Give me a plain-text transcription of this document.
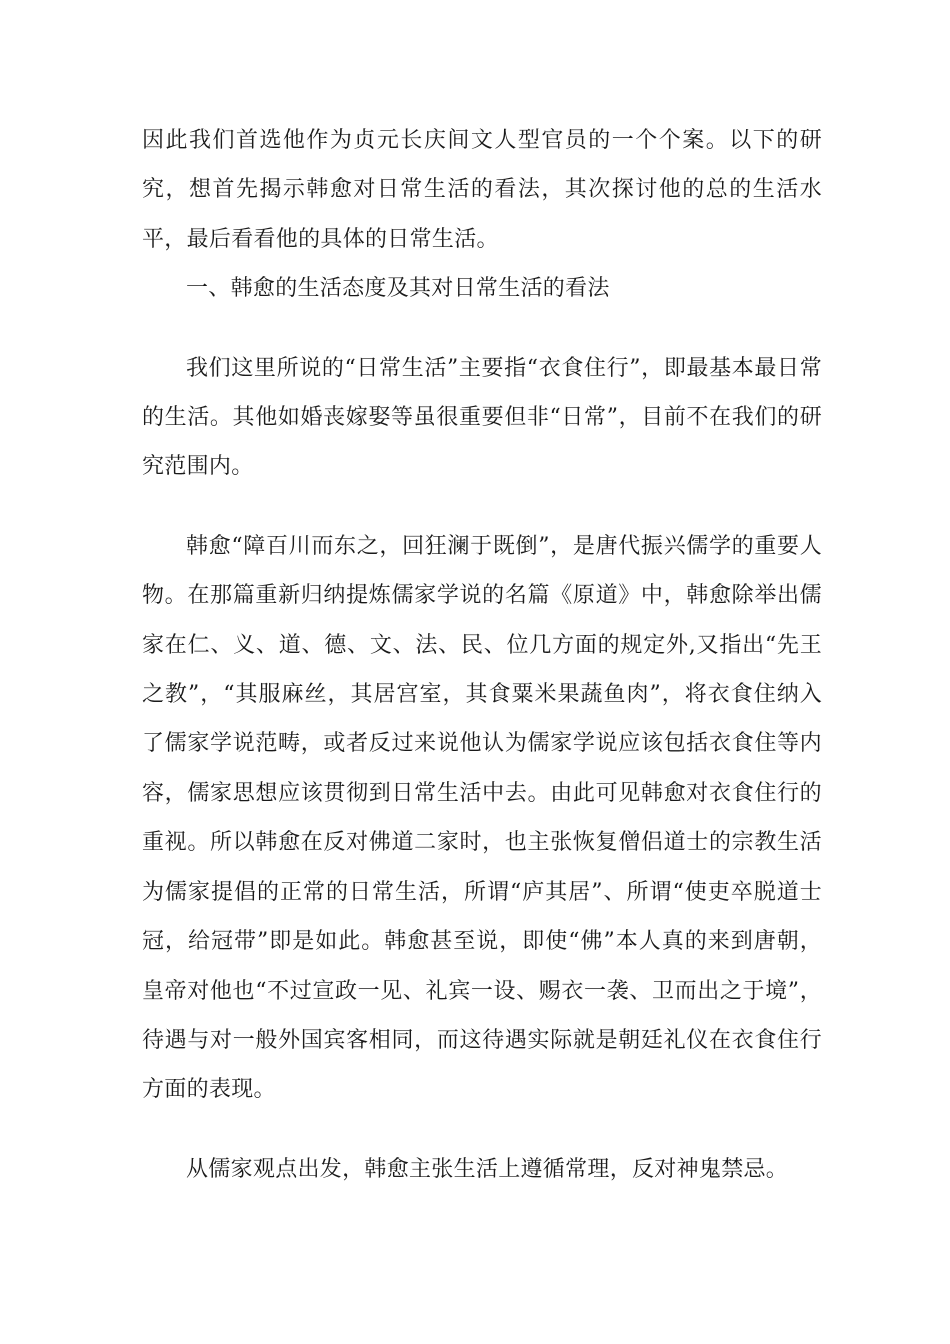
因此我们首选他作为贞元长庆间文人型官员的一个个案。以下的研究，想首先揭示韩愈对日常生活的看法，其次探讨他的总的生活水平，最后看看他的具体的日常生活。

一、韩愈的生活态度及其对日常生活的看法

我们这里所说的“日常生活”主要指“衣食住行”，即最基本最日常的生活。其他如婚丧嫁娶等虽很重要但非“日常”，目前不在我们的研究范围内。

韩愈“障百川而东之，回狂澜于既倒”，是唐代振兴儒学的重要人物。在那篇重新归纳提炼儒家学说的名篇《原道》中，韩愈除举出儒家在仁、义、道、德、文、法、民、位几方面的规定外,又指出“先王之教”，“其服麻丝，其居宫室，其食粟米果蔬鱼肉”，将衣食住纳入了儒家学说范畴，或者反过来说他认为儒家学说应该包括衣食住等内容，儒家思想应该贯彻到日常生活中去。由此可见韩愈对衣食住行的重视。所以韩愈在反对佛道二家时，也主张恢复僧侣道士的宗教生活为儒家提倡的正常的日常生活，所谓“庐其居”、所谓“使吏卒脱道士冠，给冠带”即是如此。韩愈甚至说，即使“佛”本人真的来到唐朝，皇帝对他也“不过宣政一见、礼宾一设、赐衣一袭、卫而出之于境”，待遇与对一般外国宾客相同，而这待遇实际就是朝廷礼仪在衣食住行方面的表现。

从儒家观点出发，韩愈主张生活上遵循常理，反对神鬼禁忌。
